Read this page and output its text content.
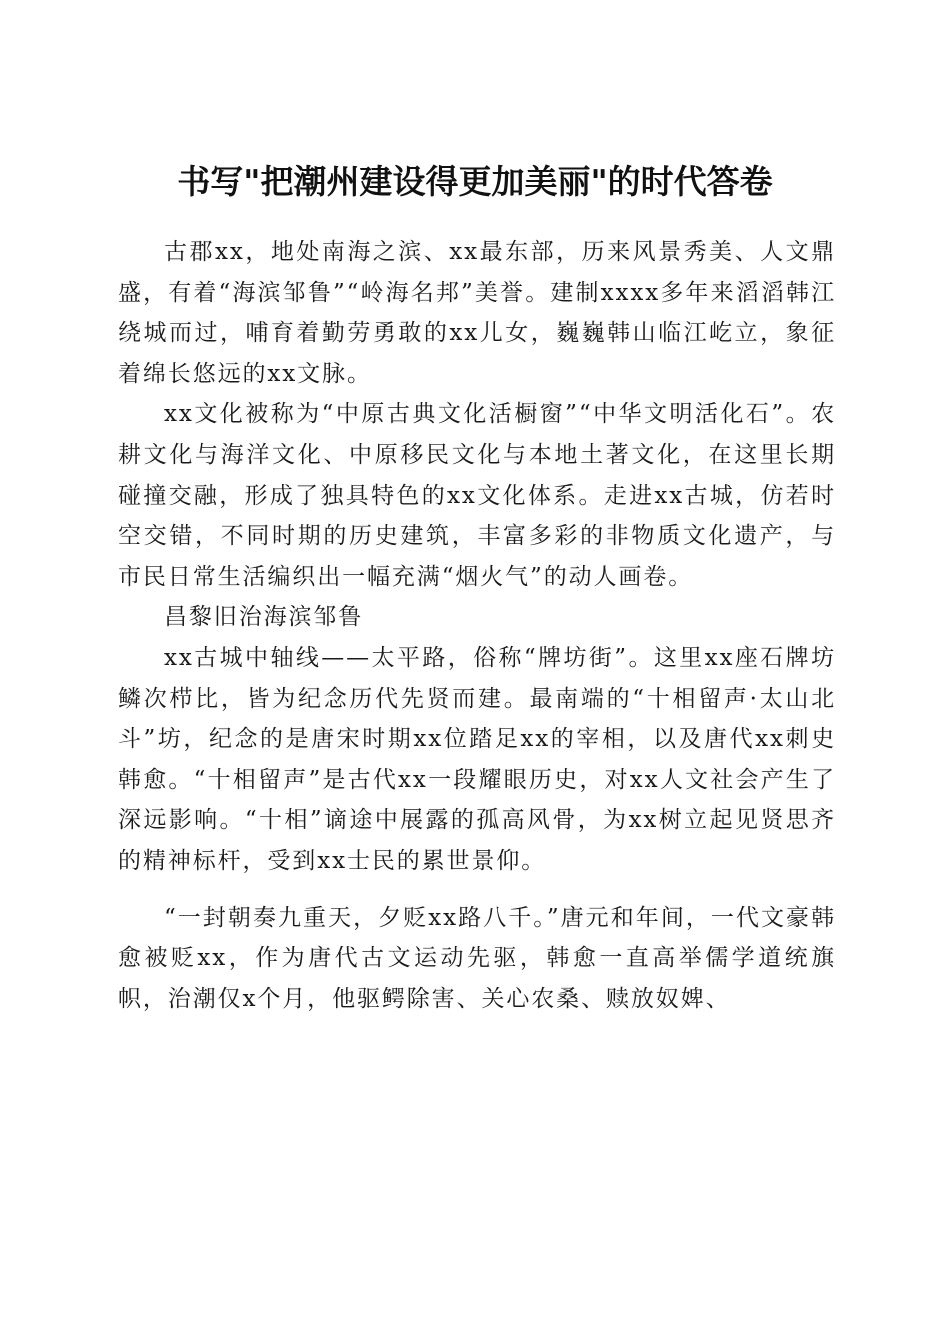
书写"把潮州建设得更加美丽"的时代答卷

古郡xx，地处南海之滨、xx最东部，历来风景秀美、人文鼎盛，有着“海滨邹鲁”“岭海名邦”美誉。建制xxxx多年来滔滔韩江绕城而过，哺育着勤劳勇敢的xx儿女，巍巍韩山临江屹立，象征着绵长悠远的xx文脉。

xx文化被称为“中原古典文化活橱窗”“中华文明活化石”。农耕文化与海洋文化、中原移民文化与本地土著文化，在这里长期碰撞交融，形成了独具特色的xx文化体系。走进xx古城，仿若时空交错，不同时期的历史建筑，丰富多彩的非物质文化遗产，与市民日常生活编织出一幅充满“烟火气”的动人画卷。

昌黎旧治海滨邹鲁

xx古城中轴线——太平路，俗称“牌坊街”。这里xx座石牌坊鳞次栉比，皆为纪念历代先贤而建。最南端的“十相留声·太山北斗”坊，纪念的是唐宋时期xx位踏足xx的宰相，以及唐代xx刺史韩愈。“十相留声”是古代xx一段耀眼历史，对xx人文社会产生了深远影响。“十相”谪途中展露的孤高风骨，为xx树立起见贤思齐的精神标杆，受到xx士民的累世景仰。

“一封朝奏九重天，夕贬xx路八千。”唐元和年间，一代文豪韩愈被贬xx，作为唐代古文运动先驱，韩愈一直高举儒学道统旗帜，治潮仅x个月，他驱鳄除害、关心农桑、赎放奴婢、
